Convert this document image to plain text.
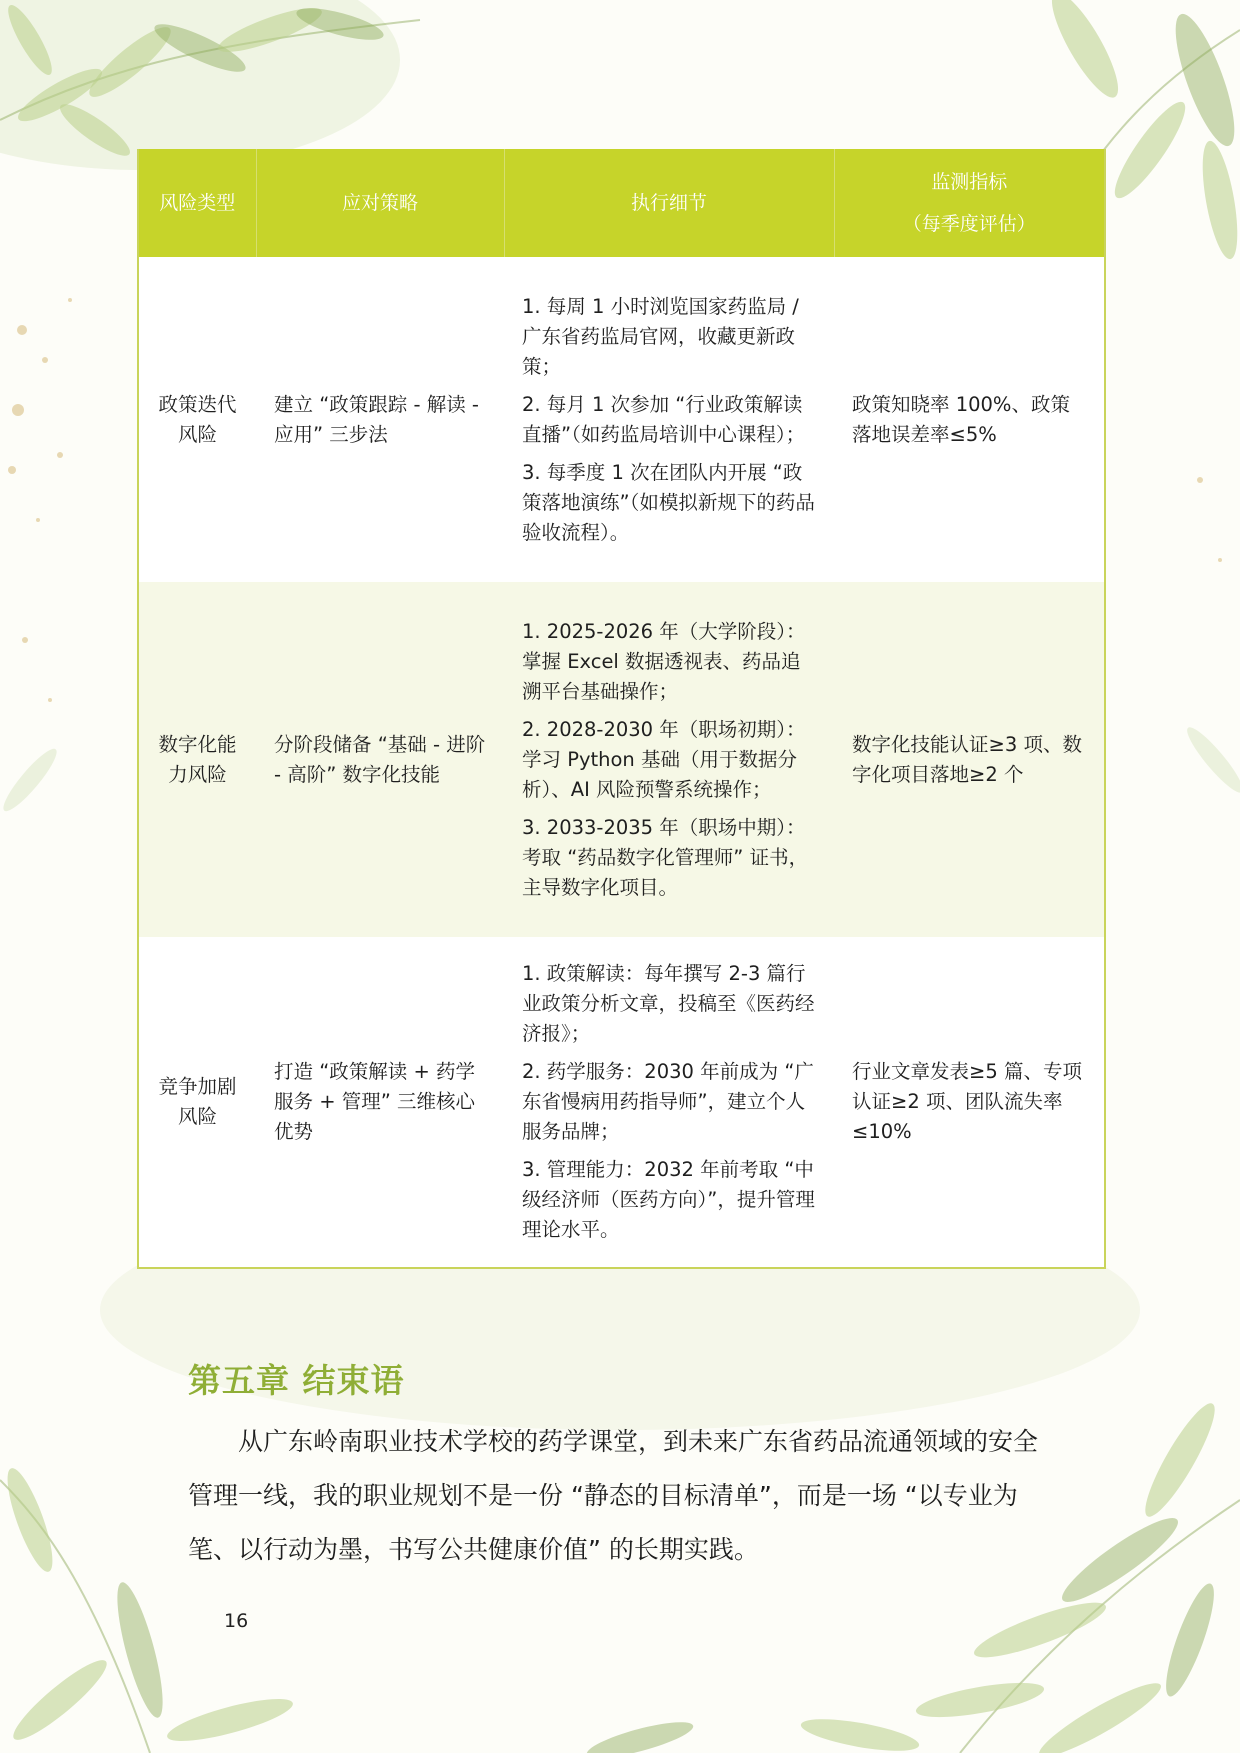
风险类型	应对策略	执行细节	监测指标
（每季度评估）

政策迭代风险	建立 “政策跟踪 - 解读 - 应用” 三步法	1. 每周 1 小时浏览国家药监局 / 广东省药监局官网，收藏更新政策；
2. 每月 1 次参加 “行业政策解读直播”（如药监局培训中心课程）；
3. 每季度 1 次在团队内开展 “政策落地演练”（如模拟新规下的药品验收流程）。	政策知晓率 100%、政策落地误差率≤5%
数字化能力风险	分阶段储备 “基础 - 进阶 - 高阶” 数字化技能	1. 2025-2026 年（大学阶段）：掌握 Excel 数据透视表、药品追溯平台基础操作；
2. 2028-2030 年（职场初期）：学习 Python 基础（用于数据分析）、AI 风险预警系统操作；
3. 2033-2035 年（职场中期）：考取 “药品数字化管理师” 证书，主导数字化项目。	数字化技能认证≥3 项、数字化项目落地≥2 个
竞争加剧风险	打造 “政策解读 + 药学服务 + 管理” 三维核心优势	1. 政策解读：每年撰写 2-3 篇行业政策分析文章，投稿至《医药经济报》；
2. 药学服务：2030 年前成为 “广东省慢病用药指导师”，建立个人服务品牌；
3. 管理能力：2032 年前考取 “中级经济师（医药方向）”，提升管理理论水平。	行业文章发表≥5 篇、专项认证≥2 项、团队流失率≤10%
第五章 结束语

从广东岭南职业技术学校的药学课堂，到未来广东省药品流通领域的安全管理一线，我的职业规划不是一份 “静态的目标清单”，而是一场 “以专业为笔、以行动为墨，书写公共健康价值” 的长期实践。

16
